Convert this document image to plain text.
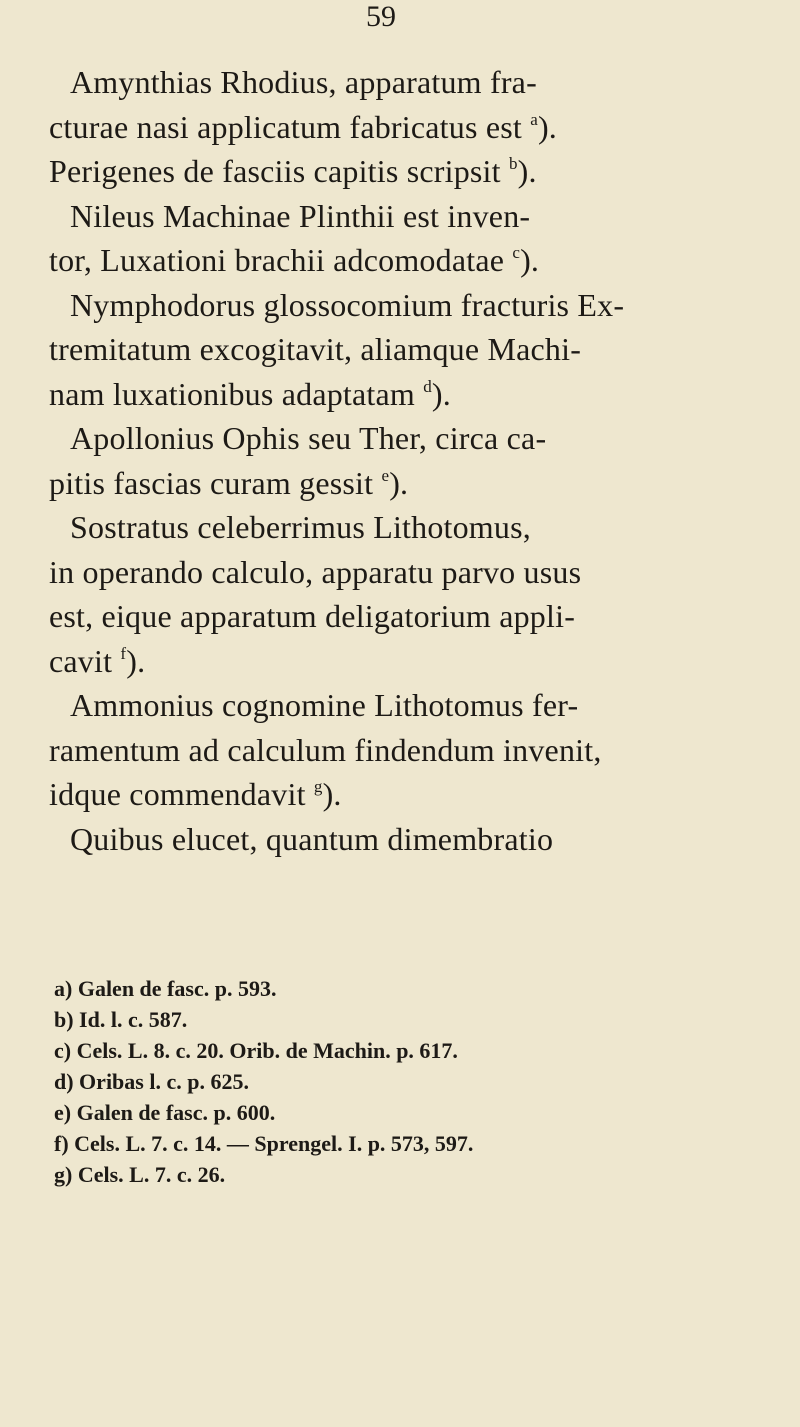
59
Amynthias Rhodius, apparatum fra-
cturae nasi applicatum fabricatus est $^a$).
Perigenes de fasciis capitis scripsit $^b$).
Nileus Machinae Plinthii est inven-
tor, Luxationi brachii adcomodatae $^c$).
Nymphodorus glossocomium fracturis Ex-
tremitatum excogitavit, aliamque Machi-
nam luxationibus adaptatam $^d$).
Apollonius Ophis seu Ther, circa ca-
pitis fascias curam gessit $^e$).
Sostratus celeberrimus Lithotomus,
in operando calculo, apparatu parvo usus
est, eique apparatum deligatorium appli-
cavit $^f$).
Ammonius cognomine Lithotomus fer-
ramentum ad calculum findendum invenit,
idque commendavit $^g$).
Quibus elucet, quantum dimembratio
a) Galen de fasc. p. 593.
b) Id. l. c. 587.
c) Cels. L. 8. c. 20. Orib. de Machin. p. 617.
d) Oribas l. c. p. 625.
e) Galen de fasc. p. 600.
f) Cels. L. 7. c. 14. — Sprengel. I. p. 573, 597.
g) Cels. L. 7. c. 26.
